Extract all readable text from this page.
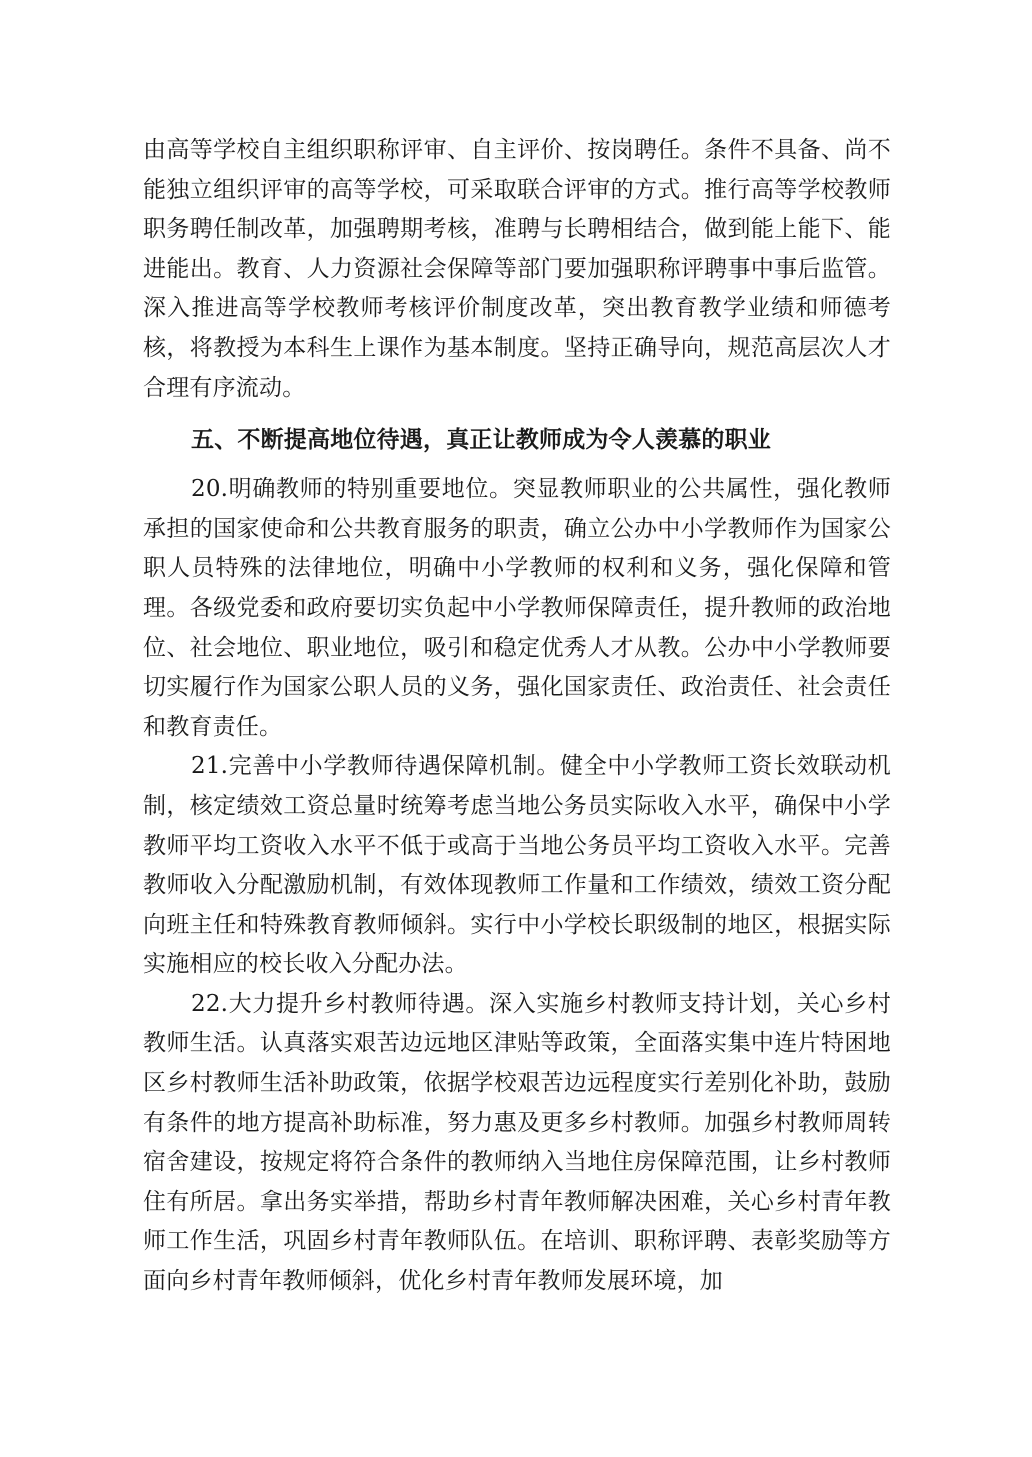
由高等学校自主组织职称评审、自主评价、按岗聘任。条件不具备、尚不能独立组织评审的高等学校，可采取联合评审的方式。推行高等学校教师职务聘任制改革，加强聘期考核，准聘与长聘相结合，做到能上能下、能进能出。教育、人力资源社会保障等部门要加强职称评聘事中事后监管。深入推进高等学校教师考核评价制度改革，突出教育教学业绩和师德考核，将教授为本科生上课作为基本制度。坚持正确导向，规范高层次人才合理有序流动。

五、不断提高地位待遇，真正让教师成为令人羡慕的职业

20.明确教师的特别重要地位。突显教师职业的公共属性，强化教师承担的国家使命和公共教育服务的职责，确立公办中小学教师作为国家公职人员特殊的法律地位，明确中小学教师的权利和义务，强化保障和管理。各级党委和政府要切实负起中小学教师保障责任，提升教师的政治地位、社会地位、职业地位，吸引和稳定优秀人才从教。公办中小学教师要切实履行作为国家公职人员的义务，强化国家责任、政治责任、社会责任和教育责任。

21.完善中小学教师待遇保障机制。健全中小学教师工资长效联动机制，核定绩效工资总量时统筹考虑当地公务员实际收入水平，确保中小学教师平均工资收入水平不低于或高于当地公务员平均工资收入水平。完善教师收入分配激励机制，有效体现教师工作量和工作绩效，绩效工资分配向班主任和特殊教育教师倾斜。实行中小学校长职级制的地区，根据实际实施相应的校长收入分配办法。

22.大力提升乡村教师待遇。深入实施乡村教师支持计划，关心乡村教师生活。认真落实艰苦边远地区津贴等政策，全面落实集中连片特困地区乡村教师生活补助政策，依据学校艰苦边远程度实行差别化补助，鼓励有条件的地方提高补助标准，努力惠及更多乡村教师。加强乡村教师周转宿舍建设，按规定将符合条件的教师纳入当地住房保障范围，让乡村教师住有所居。拿出务实举措，帮助乡村青年教师解决困难，关心乡村青年教师工作生活，巩固乡村青年教师队伍。在培训、职称评聘、表彰奖励等方面向乡村青年教师倾斜，优化乡村青年教师发展环境，加
